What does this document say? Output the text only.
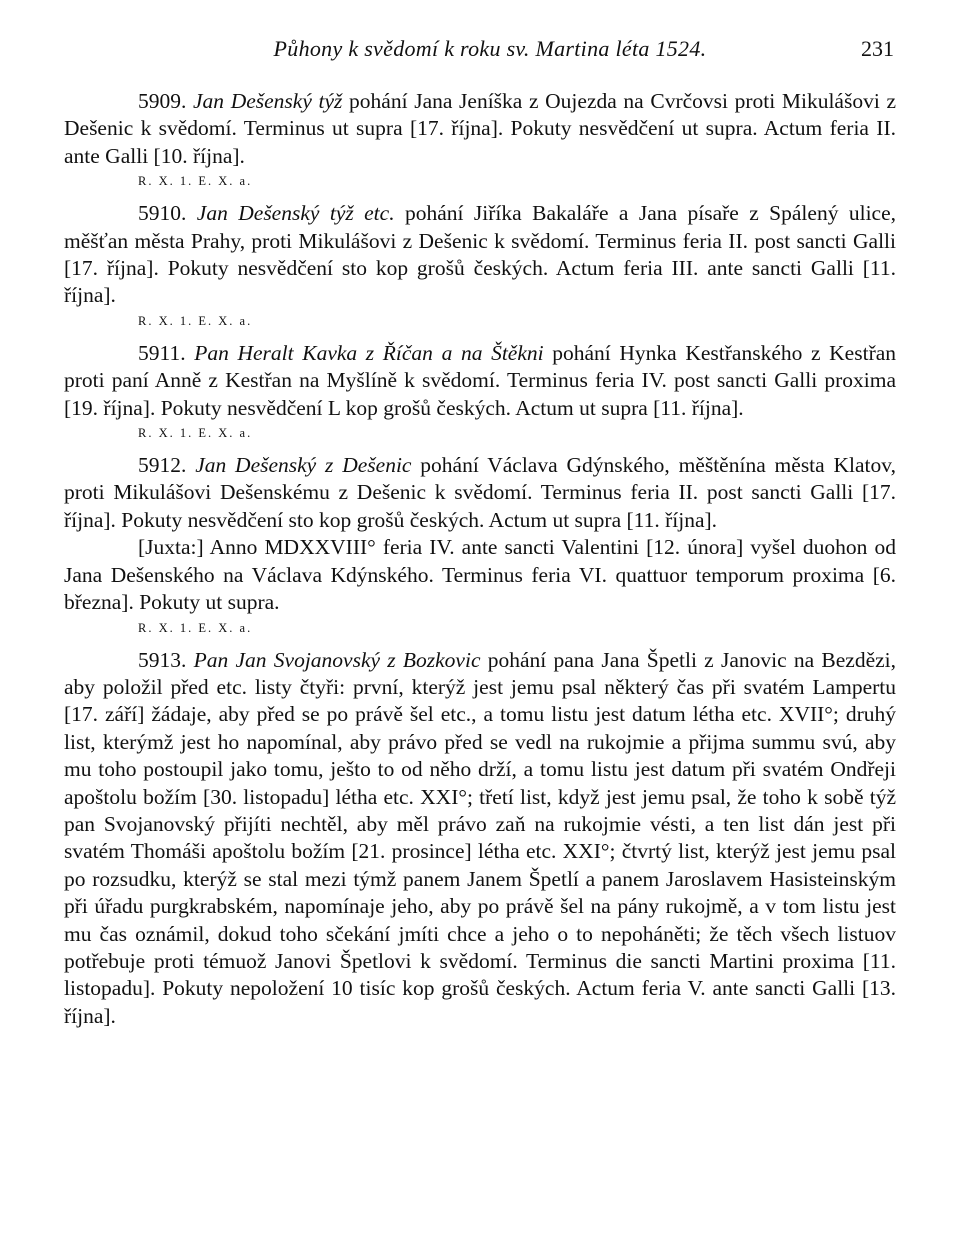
Půhony k svědomí k roku sv. Martina léta 1524.	231

5909. Jan Dešenský týž pohání Jana Jeníška z Oujezda na Cvrčovsi proti Mikulášovi z Dešenic k svědomí. Terminus ut supra [17. října]. Pokuty nesvědčení ut supra. Actum feria II. ante Galli [10. října].

R. X. 1. E. X. a.

5910. Jan Dešenský týž etc. pohání Jiříka Bakaláře a Jana písaře z Spálený ulice, měšťan města Prahy, proti Mikulášovi z Dešenic k svědomí. Terminus feria II. post sancti Galli [17. října]. Pokuty nesvědčení sto kop grošů českých. Actum feria III. ante sancti Galli [11. října].

R. X. 1. E. X. a.

5911. Pan Heralt Kavka z Říčan a na Štěkni pohání Hynka Kestřanského z Kestřan proti paní Anně z Kestřan na Myšlíně k svědomí. Terminus feria IV. post sancti Galli proxima [19. října]. Pokuty nesvědčení L kop grošů českých. Actum ut supra [11. října].

R. X. 1. E. X. a.

5912. Jan Dešenský z Dešenic pohání Václava Gdýnského, měštěnína města Klatov, proti Mikulášovi Dešenskému z Dešenic k svědomí. Terminus feria II. post sancti Galli [17. října]. Pokuty nesvědčení sto kop grošů českých. Actum ut supra [11. října].

[Juxta:] Anno MDXXVIII° feria IV. ante sancti Valentini [12. února] vyšel duohon od Jana Dešenského na Václava Kdýnského. Terminus feria VI. quattuor temporum proxima [6. března]. Pokuty ut supra.

R. X. 1. E. X. a.

5913. Pan Jan Svojanovský z Bozkovic pohání pana Jana Špetli z Janovic na Bezdězi, aby položil před etc. listy čtyři: první, kterýž jest jemu psal některý čas při svatém Lampertu [17. září] žádaje, aby před se po právě šel etc., a tomu listu jest datum létha etc. XVII°; druhý list, kterýmž jest ho napomínal, aby právo před se vedl na rukojmie a přijma summu svú, aby mu toho postoupil jako tomu, ješto to od něho drží, a tomu listu jest datum při svatém Ondřeji apoštolu božím [30. listopadu] létha etc. XXI°; třetí list, když jest jemu psal, že toho k sobě týž pan Svojanovský přijíti nechtěl, aby měl právo zaň na rukojmie vésti, a ten list dán jest při svatém Thomáši apoštolu božím [21. prosince] létha etc. XXI°; čtvrtý list, kterýž jest jemu psal po rozsudku, kterýž se stal mezi týmž panem Janem Špetlí a panem Jaroslavem Hasisteinským při úřadu purgkrabském, napomínaje jeho, aby po právě šel na pány rukojmě, a v tom listu jest mu čas oznámil, dokud toho sčekání jmíti chce a jeho o to nepoháněti; že těch všech listuov potřebuje proti témuož Janovi Špetlovi k svědomí. Terminus die sancti Martini proxima [11. listopadu]. Pokuty nepoložení 10 tisíc kop grošů českých. Actum feria V. ante sancti Galli [13. října].
